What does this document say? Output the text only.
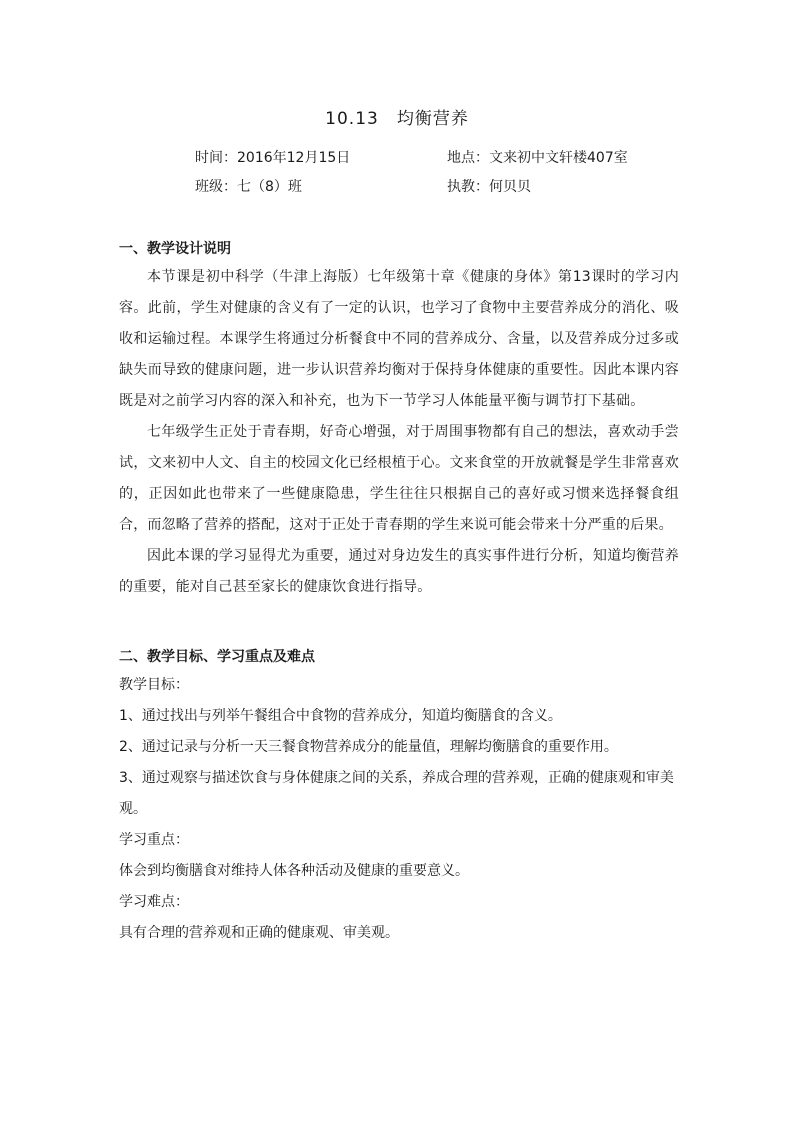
10.13　均衡营养
时间：2016年12月15日	地点：文来初中文轩楼407室
班级：七（8）班	执教：何贝贝

一、教学设计说明

本节课是初中科学（牛津上海版）七年级第十章《健康的身体》第13课时的学习内容。此前，学生对健康的含义有了一定的认识，也学习了食物中主要营养成分的消化、吸收和运输过程。本课学生将通过分析餐食中不同的营养成分、含量，以及营养成分过多或缺失而导致的健康问题，进一步认识营养均衡对于保持身体健康的重要性。因此本课内容既是对之前学习内容的深入和补充，也为下一节学习人体能量平衡与调节打下基础。

七年级学生正处于青春期，好奇心增强，对于周围事物都有自己的想法，喜欢动手尝试，文来初中人文、自主的校园文化已经根植于心。文来食堂的开放就餐是学生非常喜欢的，正因如此也带来了一些健康隐患，学生往往只根据自己的喜好或习惯来选择餐食组合，而忽略了营养的搭配，这对于正处于青春期的学生来说可能会带来十分严重的后果。

因此本课的学习显得尤为重要，通过对身边发生的真实事件进行分析，知道均衡营养的重要，能对自己甚至家长的健康饮食进行指导。

二、教学目标、学习重点及难点

教学目标：

1、通过找出与列举午餐组合中食物的营养成分，知道均衡膳食的含义。

2、通过记录与分析一天三餐食物营养成分的能量值，理解均衡膳食的重要作用。

3、通过观察与描述饮食与身体健康之间的关系，养成合理的营养观，正确的健康观和审美观。

学习重点：

体会到均衡膳食对维持人体各种活动及健康的重要意义。

学习难点：

具有合理的营养观和正确的健康观、审美观。
